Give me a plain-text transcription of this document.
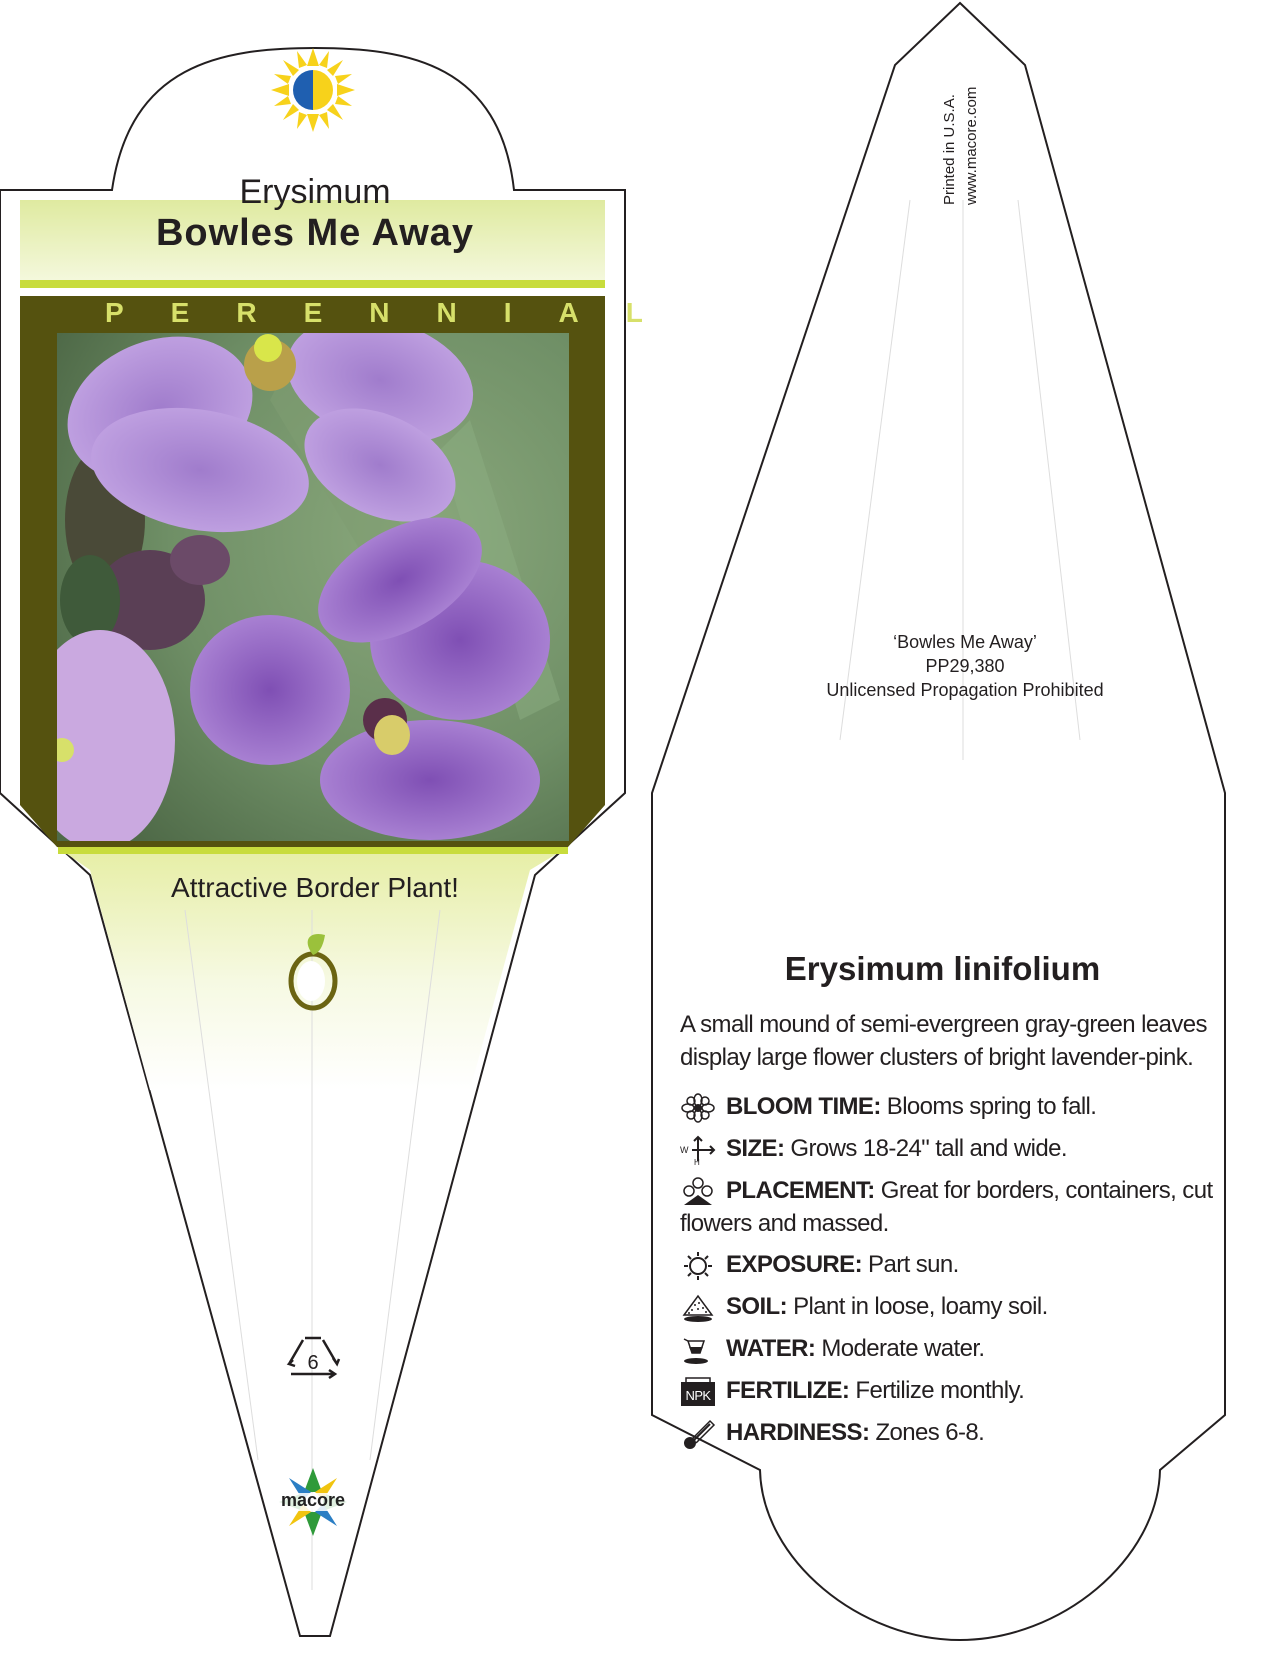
Erysimum
Bowles Me Away
PERENNIAL
Attractive Border Plant!
6
macore
Printed in U.S.A. www.macore.com
‘Bowles Me Away’
PP29,380
Unlicensed Propagation Prohibited
Erysimum linifolium
A small mound of semi-evergreen gray-green leaves display large flower clusters of bright lavender-pink.
BLOOM TIME: Blooms spring to fall.
W
H
SIZE: Grows 18-24" tall and wide.
PLACEMENT: Great for borders, containers, cut
flowers and massed.
EXPOSURE: Part sun.
SOIL: Plant in loose, loamy soil.
WATER: Moderate water.
NPK FERTILIZE: Fertilize monthly.
HARDINESS: Zones 6-8.
